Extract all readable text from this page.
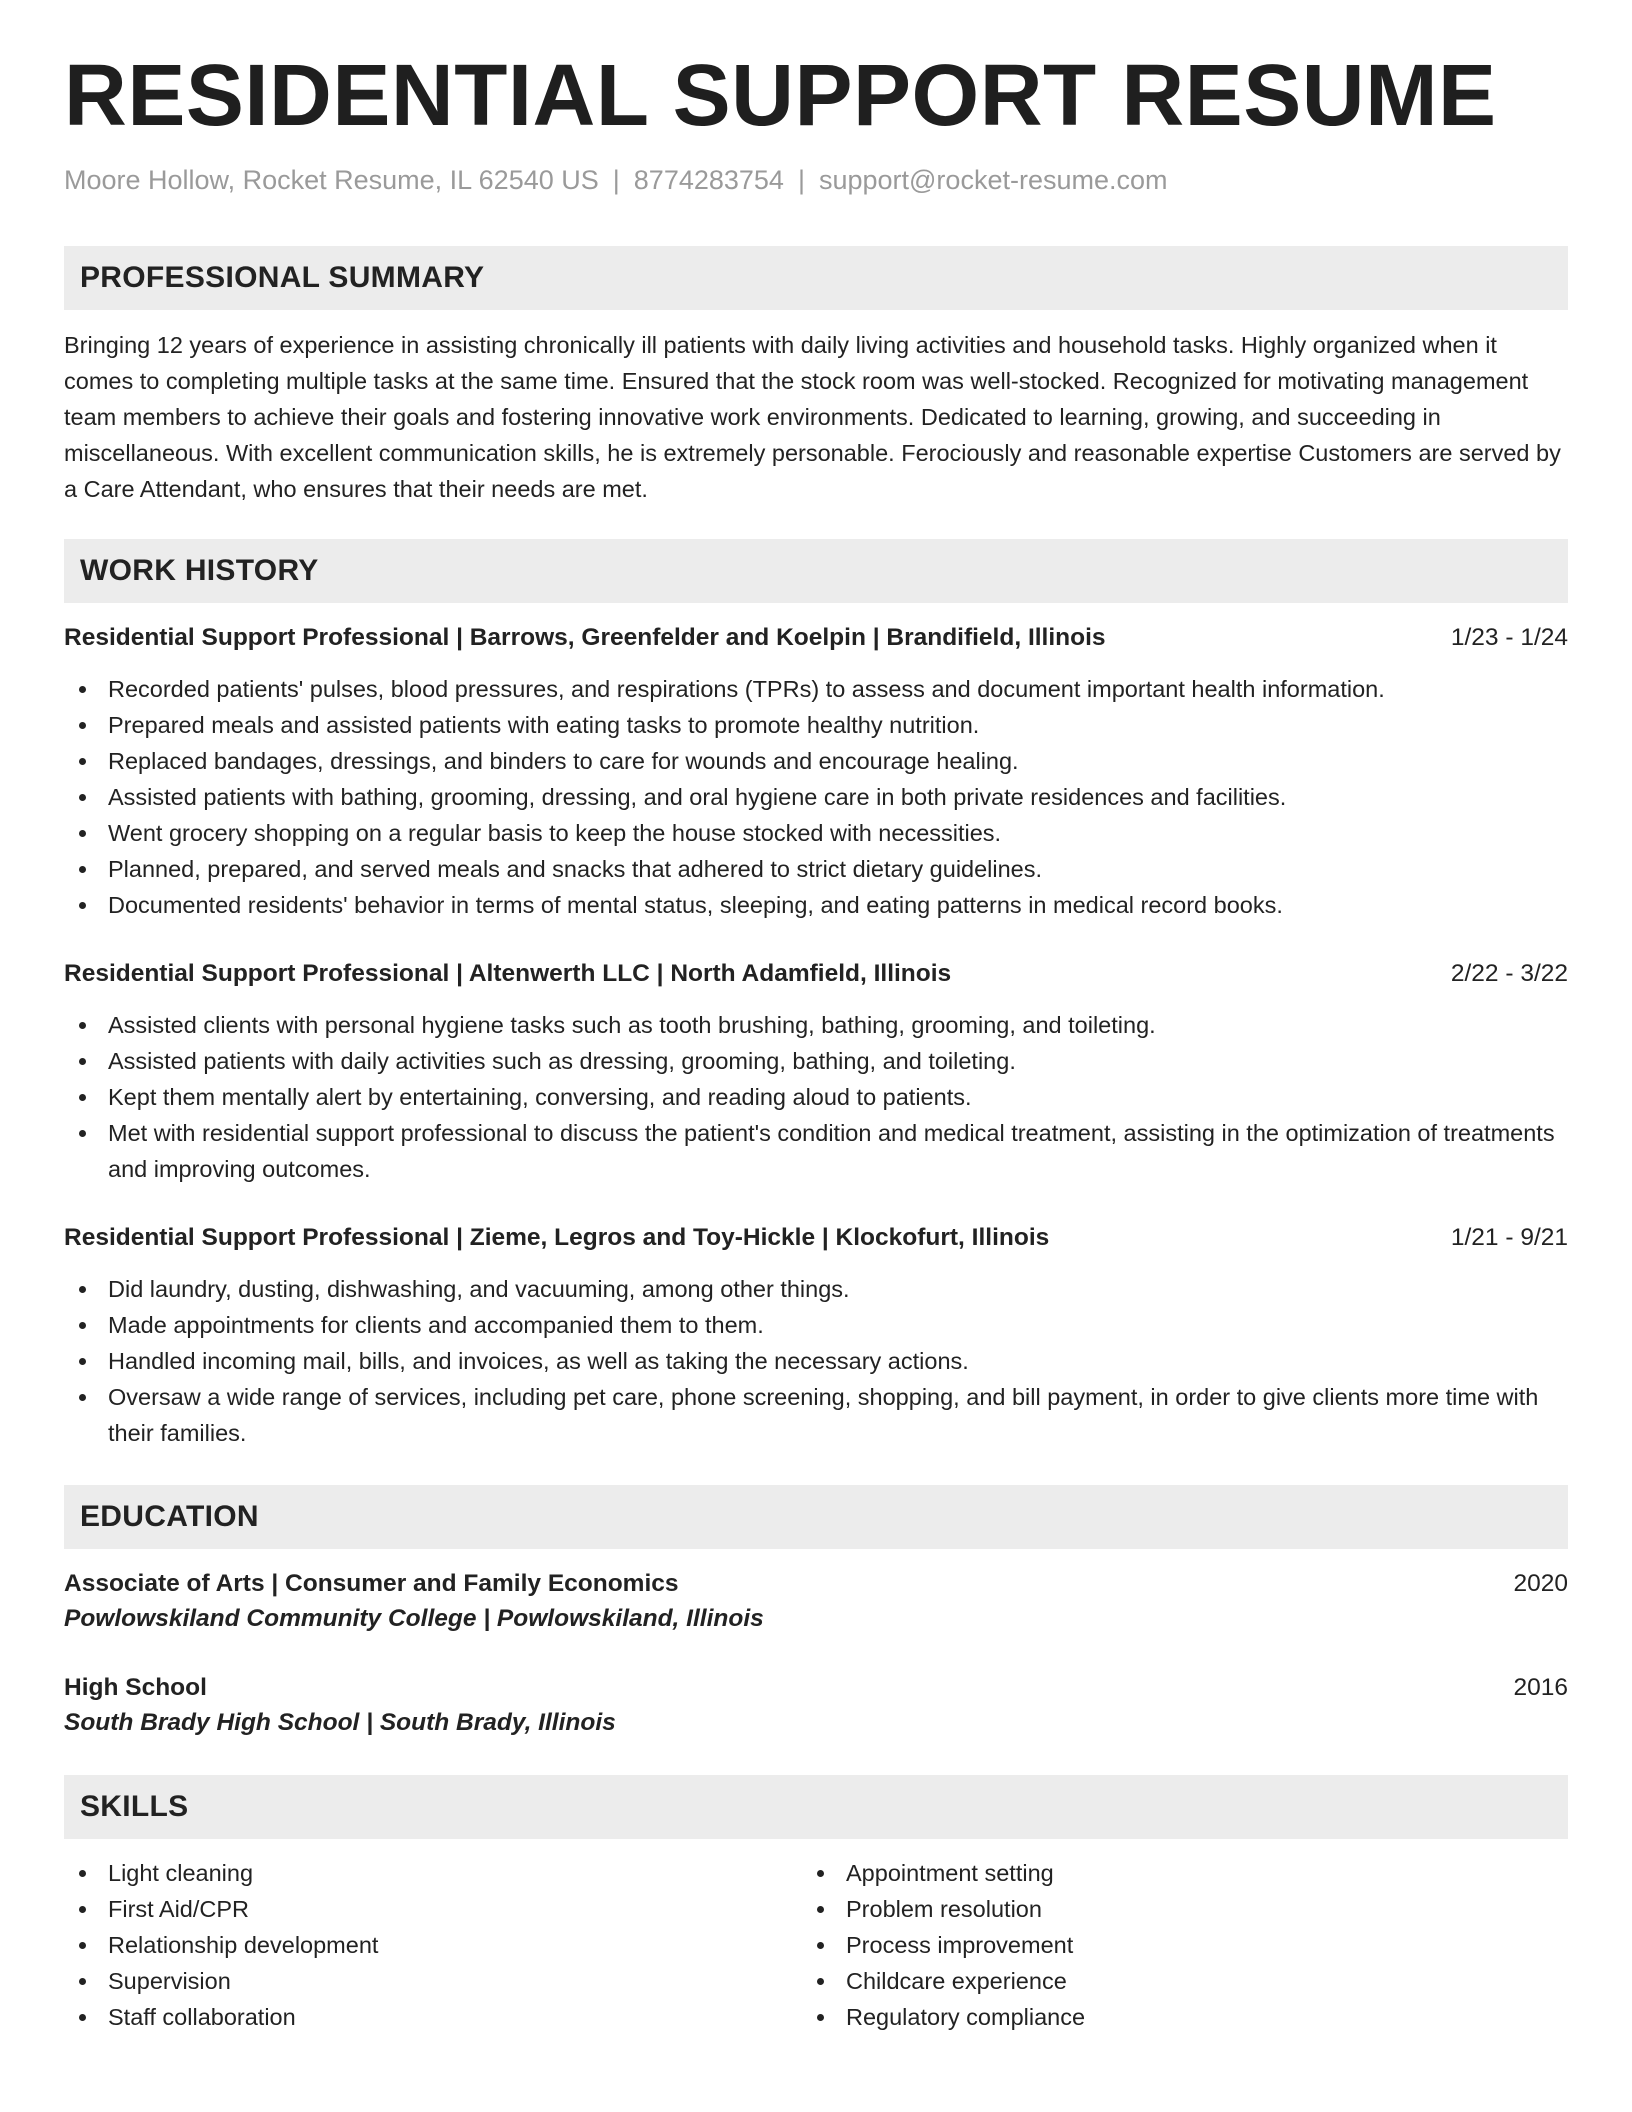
RESIDENTIAL SUPPORT RESUME
Moore Hollow, Rocket Resume, IL 62540 US | 8774283754 | support@rocket-resume.com
PROFESSIONAL SUMMARY
Bringing 12 years of experience in assisting chronically ill patients with daily living activities and household tasks. Highly organized when it comes to completing multiple tasks at the same time. Ensured that the stock room was well-stocked. Recognized for motivating management team members to achieve their goals and fostering innovative work environments. Dedicated to learning, growing, and succeeding in miscellaneous. With excellent communication skills, he is extremely personable. Ferociously and reasonable expertise Customers are served by a Care Attendant, who ensures that their needs are met.
WORK HISTORY
Residential Support Professional | Barrows, Greenfelder and Koelpin | Brandifield, Illinois	1/23 - 1/24
Recorded patients' pulses, blood pressures, and respirations (TPRs) to assess and document important health information.
Prepared meals and assisted patients with eating tasks to promote healthy nutrition.
Replaced bandages, dressings, and binders to care for wounds and encourage healing.
Assisted patients with bathing, grooming, dressing, and oral hygiene care in both private residences and facilities.
Went grocery shopping on a regular basis to keep the house stocked with necessities.
Planned, prepared, and served meals and snacks that adhered to strict dietary guidelines.
Documented residents' behavior in terms of mental status, sleeping, and eating patterns in medical record books.
Residential Support Professional | Altenwerth LLC | North Adamfield, Illinois	2/22 - 3/22
Assisted clients with personal hygiene tasks such as tooth brushing, bathing, grooming, and toileting.
Assisted patients with daily activities such as dressing, grooming, bathing, and toileting.
Kept them mentally alert by entertaining, conversing, and reading aloud to patients.
Met with residential support professional to discuss the patient's condition and medical treatment, assisting in the optimization of treatments and improving outcomes.
Residential Support Professional | Zieme, Legros and Toy-Hickle | Klockofurt, Illinois	1/21 - 9/21
Did laundry, dusting, dishwashing, and vacuuming, among other things.
Made appointments for clients and accompanied them to them.
Handled incoming mail, bills, and invoices, as well as taking the necessary actions.
Oversaw a wide range of services, including pet care, phone screening, shopping, and bill payment, in order to give clients more time with their families.
EDUCATION
Associate of Arts | Consumer and Family Economics	2020
Powlowskiland Community College | Powlowskiland, Illinois
High School	2016
South Brady High School | South Brady, Illinois
SKILLS
Light cleaning
First Aid/CPR
Relationship development
Supervision
Staff collaboration
Appointment setting
Problem resolution
Process improvement
Childcare experience
Regulatory compliance
